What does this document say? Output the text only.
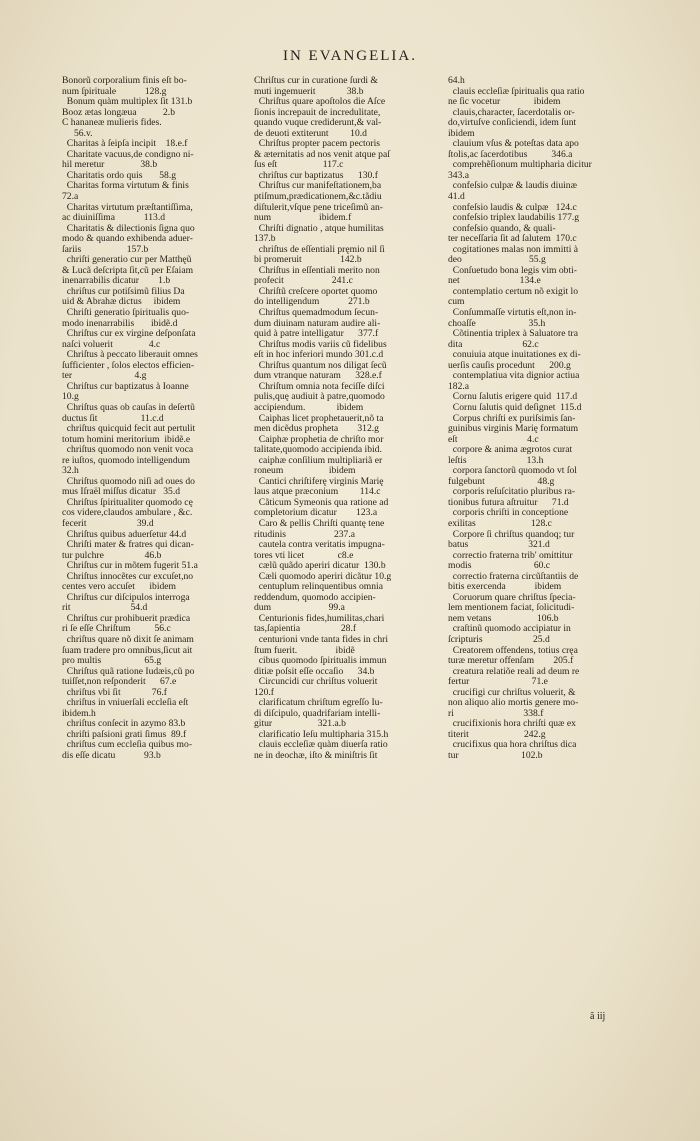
IN EVANGELIA.
Bonorũ corporalium finis eſt bo-
num ſpirituale            128.g
Bonum quàm multiplex ſit 131.b
Booz ætas longæua           2.b
C hananeæ mulieris fides.
56.v.
Charitas à ſeipſa incipit    18.e.f
Charitate vacuus,de condigno ni-
hil meretur               38.b
Charitatis ordo quis       58.g
Charitas forma virtutum & finis
72.a
Charitas virtutum præſtantiſſima,
ac diuiniſſima            113.d
Charitatis & dilectionis ſigna quo
modo & quando exhibenda aduer-
ſariis                   157.b
chriſti generatio cur per Matthęũ
& Lucã deſcripta ſit,cũ per Eſaiam
inenarrabilis dicatur        1.b
chriſtus cur potiſsimũ filius Da
uid & Abrahæ dictus     ibidem
Chriſti generatio ſpiritualis quo-
modo inenarrabilis       ibidẽ.d
Chriſtus cur ex virgine deſponſata
naſci voluerit               4.c
Chriſtus à peccato liberauit omnes
ſufficienter , ſolos electos efficien-
ter                          4.g
Chriſtus cur baptizatus à Ioanne
10.g
Chriſtus quas ob cauſas in deſertũ
ductus ſit                  11.c.d
chriſtus quicquid fecit aut pertulit
totum homini meritorium  ibidẽ.e
chriſtus quomodo non venit voca
re iuſtos, quomodo intelligendum
32.h
Chriſtus quomodo niſi ad oues do
mus Iſraël miſſus dicatur   35.d
Chriſtus ſpiritualiter quomodo cę
cos videre,claudos ambulare , &c.
fecerit                     39.d
Chriſtus quibus aduerſetur 44.d
Chriſti mater & fratres qui dican-
tur pulchre                 46.b
Chriſtus cur in mõtem fugerit 51.a
Chriſtus innocẽtes cur excuſet,no
centes vero accuſet      ibidem
Chriſtus cur diſcipulos interroga
rit                         54.d
Chriſtus cur prohibuerit prædica
ri ſe eſſe Chriſtum          56.c
chriſtus quare nõ dixit ſe animam
ſuam tradere pro omnibus,ſicut ait
pro multis                  65.g
Chriſtus quã ratione Iudæis,cũ po
tuiſſet,non reſponderit      67.e
chriſtus vbi ſit             76.f
chriſtus in vniuerſali eccleſia eſt
ibidem.h
chriſtus conſecit in azymo 83.b
chriſti paſsioni grati ſimus  89.f
chriſtus cum eccleſia quibus mo-
dis eſſe dicatu            93.b
Chriſtus cur in curatione ſurdi &
muti ingemuerit             38.b
Chriſtus quare apoſtolos die Aſce
ſionis increpauit de incredulitate,
quando vuque crediderunt,& val-
de deuoti extiterunt         10.d
Chriſtus propter pacem pectoris
& æternitatis ad nos venit atque paſ
ſus eſt                   117.c
chriſtus cur baptizatus      130.f
Chriſtus cur manifeſtationem,ba
ptiſmum,prædicationem,&c.tãdiu
diſtulerit,vſque pene triceſimũ an-
num                    ibidem.f
Chriſti dignatio , atque humilitas
137.b
chriſtus de eſſentiali pręmio nil ſi
bi promeruit                142.b
Chriſtus in eſſentiali merito non
profecit                    241.c
Chriſtũ creſcere oportet quomo
do intelligendum            271.b
Chriſtus quemadmodum ſecun-
dum diuinam naturam audire ali-
quid à patre intelligatur      377.f
Chriſtus modis variis cũ fidelibus
eſt in hoc inferiori mundo 301.c.d
Chriſtus quantum nos diligat ſecũ
dum vtranque naturam      328.e.f
Chriſtum omnia nota feciſſe diſci
pulis,quę audiuit à patre,quomodo
accipiendum.             ibidem
Caiphas licet prophetauerit,nõ ta
men dicẽdus propheta        312.g
Caiphæ prophetia de chriſto mor
talitate,quomodo accipienda ibid.
caiphæ conſilium multipliariã er
roneum                   ibidem
Cantici chriſtiferę virginis Marię
laus atque præconium         114.c
Cãticum Symeonis qua ratione ad
completorium dicatur        123.a
Caro & pellis Chriſti quantę tene
ritudinis                    237.a
cautela contra veritatis impugna-
tores vti licet              c8.e
cælũ quãdo aperiri dicatur  130.b
Cæli quomodo aperiri dicãtur 10.g
centuplum relinquentibus omnia
reddendum, quomodo accipien-
dum                        99.a
Centurionis fides,humilitas,chari
tas,ſapientia                 28.f
centurioni vnde tanta fides in chri
ſtum fuerit.                ibidẽ
cibus quomodo ſpiritualis immun
ditiæ poſsit eſſe occaſio      34.b
Circuncidi cur chriſtus voluerit
120.f
clarificatum chriſtum egreſſo Iu-
di diſcipulo, quadrifariam intelli-
gitur                   321.a.b
clarificatio Ieſu multipharia 315.h
clauis eccleſiæ quàm diuerſa ratio
ne in deochæ, iſto & miniſtris ſit
64.h
clauis eccleſiæ ſpiritualis qua ratio
ne ſic vocetur              ibidem
clauis,character, ſacerdotalis or-
do,virtuſve conſiciendi, idem ſunt
ibidem
clauium vſus & poteſtas data apo
ſtolis,ac ſacerdotibus          346.a
comprehẽſionum multipharia dicitur
343.a
confeſsio culpæ & laudis diuinæ
41.d
confeſsio laudis & culpæ   124.c
confeſsio triplex laudabilis 177.g
confeſsio quando, & quali-
ter neceſſaria ſit ad ſalutem  170.c
cogitationes malas non immitti à
deo                            55.g
Conſuetudo bona legis vim obti-
net                         134.e
contemplatio certum nõ exigit lo
cum
Conſummaſſe virtutis eſt,non in-
choaſſe                      35.h
Cõtinentia triplex à Saluatore tra
dita                         62.c
conuiuia atque inuitationes ex di-
uerſis cauſis procedunt      200.g
contemplatiua vita dignior actiua
182.a
Cornu ſalutis erigere quid  117.d
Cornu ſalutis quid deſignet  115.d
Corpus chriſti ex puriſsimis ſan-
guinibus virginis Marię formatum
eſt                             4.c
corpore & anima ægrotos curat
leſtis                         13.h
corpora ſanctorũ quomodo vt ſol
fulgebunt                      48.g
corporis reſuſcitatio pluribus ra-
tionibus futura aſtruitur      71.d
corporis chriſti in conceptione
exilitas                       128.c
Corpore ſi chriſtus quandoq; tur
batus                         321.d
correctio fraterna trib' omittitur
modis                          60.c
correctio fraterna circũſtantiis de
bitis exercenda            ibidem
Coruorum quare chriſtus ſpecia-
lem mentionem faciat, ſolicitudi-
nem vetans                   106.b
craſtinũ quomodo accipiatur in
ſcripturis                     25.d
Creatorem offendens, totius cręa
turæ meretur offenſam        205.f
creatura relatiõe reali ad deum re
fertur                          71.e
crucifigi cur chriſtus voluerit, &
non aliquo alio mortis genere mo-
ri                             338.f
crucifixionis hora chriſti quæ ex
titerit                       242.g
crucifixus qua hora chriſtus dica
tur                          102.b
ã iij
